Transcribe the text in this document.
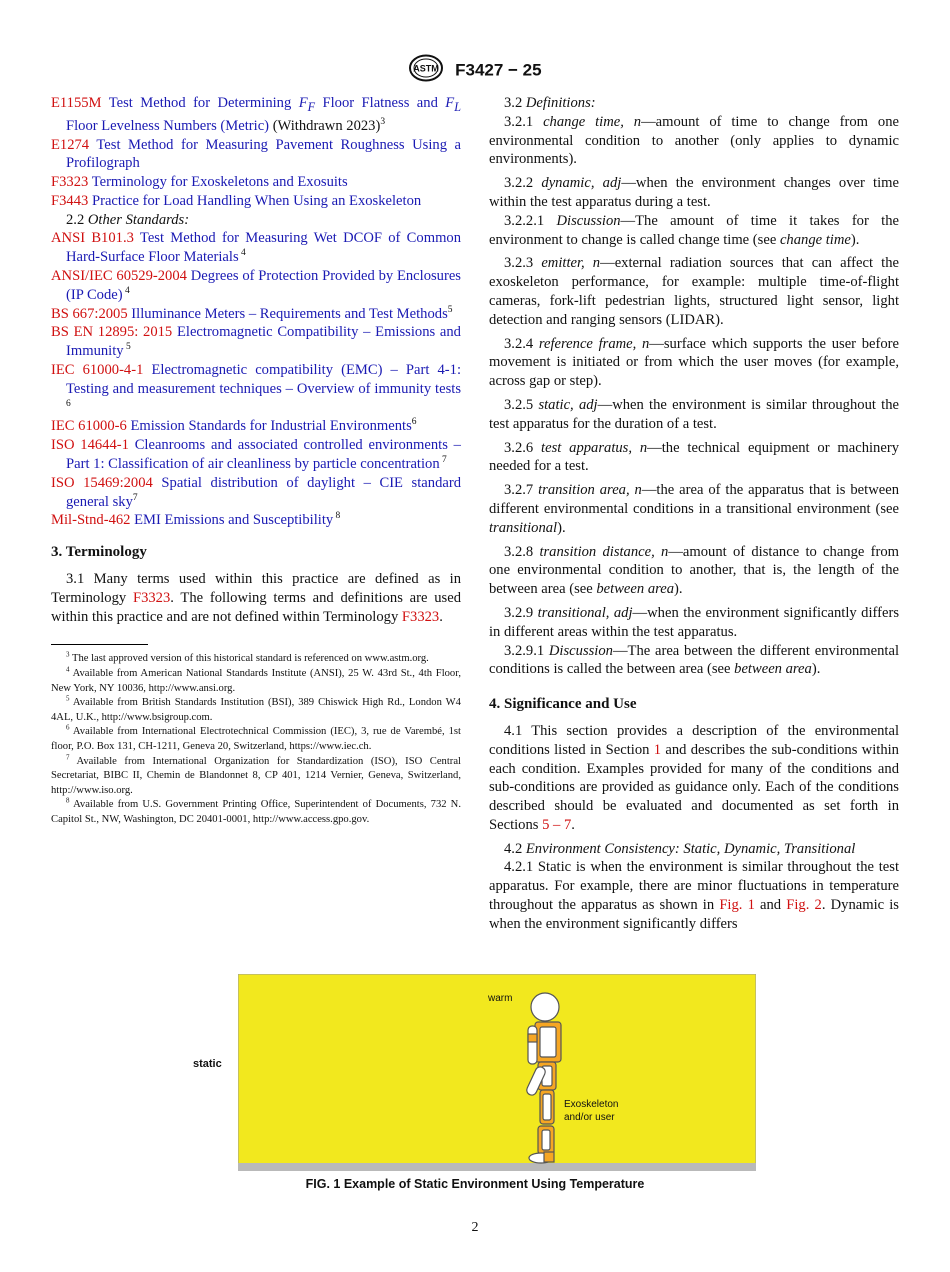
ASTM F3427 − 25

E1155M Test Method for Determining $F_F$ Floor Flatness and $F_L$ Floor Levelness Numbers (Metric) (Withdrawn 2023)$^3$

E1274 Test Method for Measuring Pavement Roughness Using a Profilograph

F3323 Terminology for Exoskeletons and Exosuits

F3443 Practice for Load Handling When Using an Exoskeleton

2.2 Other Standards:

ANSI B101.3 Test Method for Measuring Wet DCOF of Common Hard-Surface Floor Materials $^4$

ANSI/IEC 60529-2004 Degrees of Protection Provided by Enclosures (IP Code) $^4$

BS 667:2005 Illuminance Meters – Requirements and Test Methods$^5$

BS EN 12895: 2015 Electromagnetic Compatibility – Emissions and Immunity $^5$

IEC 61000-4-1 Electromagnetic compatibility (EMC) – Part 4-1: Testing and measurement techniques – Overview of immunity tests $^6$

IEC 61000-6 Emission Standards for Industrial Environments$^6$

ISO 14644-1 Cleanrooms and associated controlled environments – Part 1: Classification of air cleanliness by particle concentration $^7$

ISO 15469:2004 Spatial distribution of daylight – CIE standard general sky$^7$

Mil-Stnd-462 EMI Emissions and Susceptibility $^8$

3. Terminology

3.1 Many terms used within this practice are defined as in Terminology F3323. The following terms and definitions are used within this practice and are not defined within Terminology F3323.

$^3$ The last approved version of this historical standard is referenced on www.astm.org.

$^4$ Available from American National Standards Institute (ANSI), 25 W. 43rd St., 4th Floor, New York, NY 10036, http://www.ansi.org.

$^5$ Available from British Standards Institution (BSI), 389 Chiswick High Rd., London W4 4AL, U.K., http://www.bsigroup.com.

$^6$ Available from International Electrotechnical Commission (IEC), 3, rue de Varembé, 1st floor, P.O. Box 131, CH-1211, Geneva 20, Switzerland, https://www.iec.ch.

$^7$ Available from International Organization for Standardization (ISO), ISO Central Secretariat, BIBC II, Chemin de Blandonnet 8, CP 401, 1214 Vernier, Geneva, Switzerland, http://www.iso.org.

$^8$ Available from U.S. Government Printing Office, Superintendent of Documents, 732 N. Capitol St., NW, Washington, DC 20401-0001, http://www.access.gpo.gov.

3.2 Definitions:

3.2.1 change time, n—amount of time to change from one environmental condition to another (only applies to dynamic environments).

3.2.2 dynamic, adj—when the environment changes over time within the test apparatus during a test.

3.2.2.1 Discussion—The amount of time it takes for the environment to change is called change time (see change time).

3.2.3 emitter, n—external radiation sources that can affect the exoskeleton performance, for example: multiple time-of-flight cameras, fork-lift pedestrian lights, structured light sensor, light detection and ranging sensors (LIDAR).

3.2.4 reference frame, n—surface which supports the user before movement is initiated or from which the user moves (for example, across gap or step).

3.2.5 static, adj—when the environment is similar throughout the test apparatus for the duration of a test.

3.2.6 test apparatus, n—the technical equipment or machinery needed for a test.

3.2.7 transition area, n—the area of the apparatus that is between different environmental conditions in a transitional environment (see transitional).

3.2.8 transition distance, n—amount of distance to change from one environmental condition to another, that is, the length of the between area (see between area).

3.2.9 transitional, adj—when the environment significantly differs in different areas within the test apparatus.

3.2.9.1 Discussion—The area between the different environmental conditions is called the between area (see between area).

4. Significance and Use

4.1 This section provides a description of the environmental conditions listed in Section 1 and describes the sub-conditions within each condition. Examples provided for many of the conditions and sub-conditions are provided as guidance only. Each of the conditions described should be evaluated and documented as set forth in Sections 5 – 7.

4.2 Environment Consistency: Static, Dynamic, Transitional

4.2.1 Static is when the environment is similar throughout the test apparatus. For example, there are minor fluctuations in temperature throughout the apparatus as shown in Fig. 1 and Fig. 2. Dynamic is when the environment significantly differs

static
warm
Exoskeleton
and/or user
FIG. 1 Example of Static Environment Using Temperature
2
